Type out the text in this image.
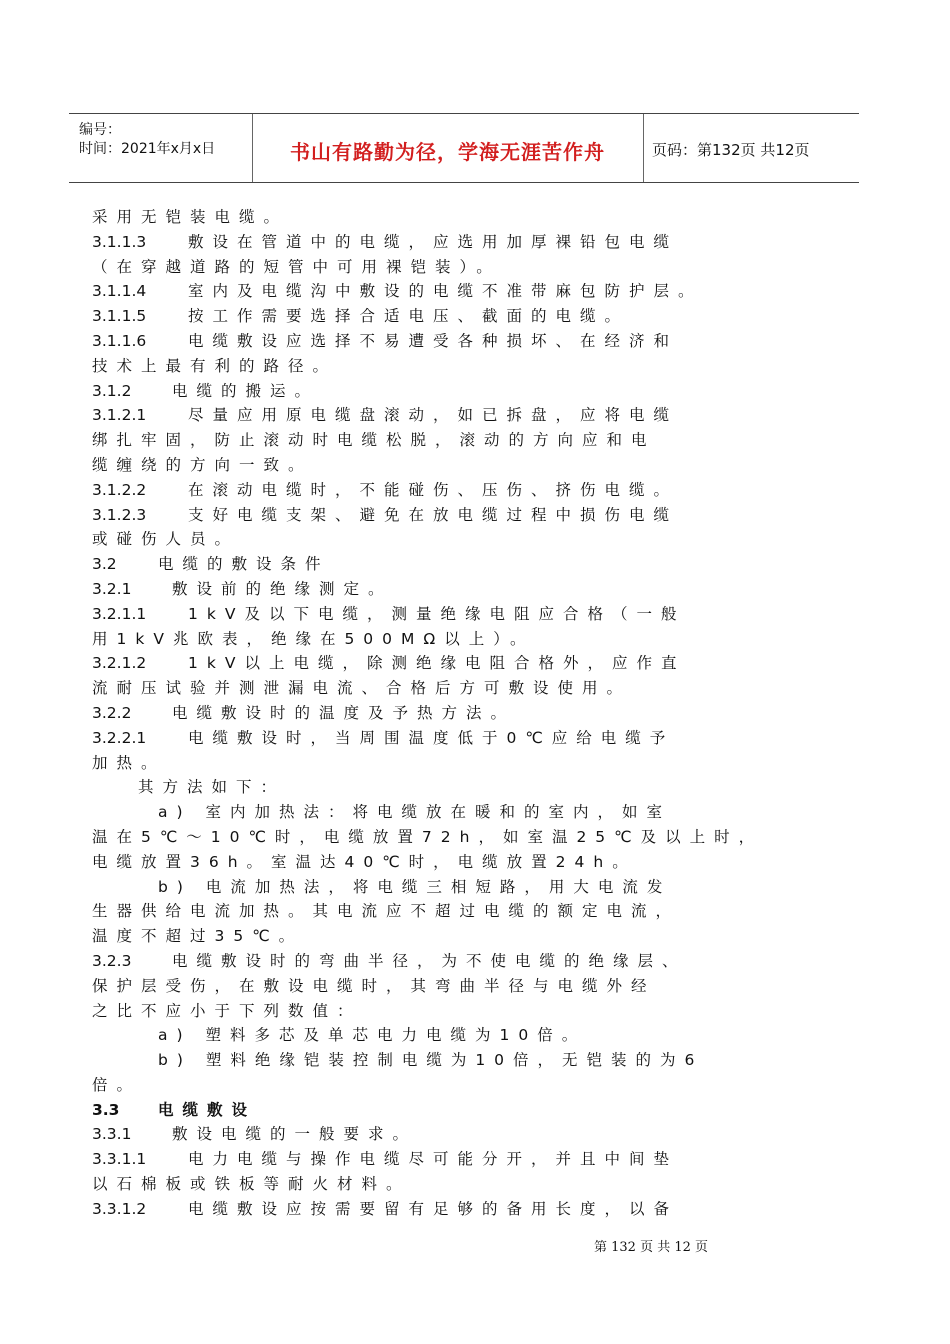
编号：
时间：2021年x月x日	书山有路勤为径，学海无涯苦作舟	页码：第132页 共12页
采用无铠装电缆。
3.1.1.3	敷设在管道中的电缆，应选用加厚裸铅包电缆
（在穿越道路的短管中可用裸铠装）。
3.1.1.4	室内及电缆沟中敷设的电缆不准带麻包防护层。
3.1.1.5	按工作需要选择合适电压、截面的电缆。
3.1.1.6	电缆敷设应选择不易遭受各种损坏、在经济和
技术上最有利的路径。
3.1.2	电缆的搬运。
3.1.2.1	尽量应用原电缆盘滚动，如已拆盘，应将电缆
绑扎牢固，防止滚动时电缆松脱，滚动的方向应和电
缆缠绕的方向一致。
3.1.2.2	在滚动电缆时，不能碰伤、压伤、挤伤电缆。
3.1.2.3	支好电缆支架、避免在放电缆过程中损伤电缆
或碰伤人员。
3.2	电缆的敷设条件
3.2.1	敷设前的绝缘测定。
3.2.1.1	1kV及以下电缆，测量绝缘电阻应合格（一般
用1kV兆欧表，绝缘在500MΩ以上）。
3.2.1.2	1kV以上电缆，除测绝缘电阻合格外，应作直
流耐压试验并测泄漏电流、合格后方可敷设使用。
3.2.2	电缆敷设时的温度及予热方法。
3.2.2.1	电缆敷设时，当周围温度低于0℃应给电缆予
加热。
其方法如下：
a) 室内加热法：将电缆放在暖和的室内，如室
温在5℃～10℃时，电缆放置72h，如室温25℃及以上时，
电缆放置36h。室温达40℃时，电缆放置24h。
b) 电流加热法，将电缆三相短路，用大电流发
生器供给电流加热。其电流应不超过电缆的额定电流，
温度不超过35℃。
3.2.3	电缆敷设时的弯曲半径，为不使电缆的绝缘层、
保护层受伤，在敷设电缆时，其弯曲半径与电缆外经
之比不应小于下列数值：
a) 塑料多芯及单芯电力电缆为10倍。
b) 塑料绝缘铠装控制电缆为10倍，无铠装的为6
倍。
3.3 电缆敷设
3.3.1	敷设电缆的一般要求。
3.3.1.1	电力电缆与操作电缆尽可能分开，并且中间垫
以石棉板或铁板等耐火材料。
3.3.1.2	电缆敷设应按需要留有足够的备用长度，以备
第 132 页 共 12 页
